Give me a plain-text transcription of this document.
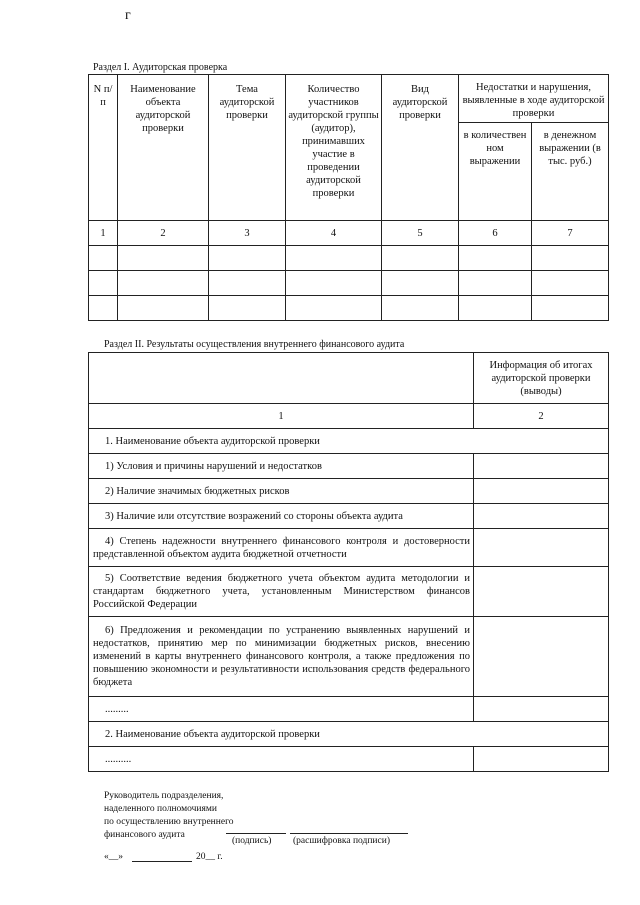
г
Раздел I. Аудиторская проверка
N п/п	Наименование объекта аудиторской проверки	Тема аудиторской проверки	Количество участников аудиторской группы (аудитор), принимавших участие в проведении аудиторской проверки	Вид аудиторской проверки	Недостатки и нарушения, выявленные в ходе аудиторской проверки	
					в количествен ном выражении	в денежном выражении (в тыс. руб.)
1	2	3	4	5	6	7

Раздел II. Результаты осуществления внутреннего финансового аудита
	Информация об итогах аудиторской проверки (выводы)
1	2
1. Наименование объекта аудиторской проверки	
1) Условия и причины нарушений и недостатков	
2) Наличие значимых бюджетных рисков	
3) Наличие или отсутствие возражений со стороны объекта аудита	
4) Степень надежности внутреннего финансового контроля и достоверности представленной объектом аудита бюджетной отчетности	
5) Соответствие ведения бюджетного учета объектом аудита методологии и стандартам бюджетного учета, установленным Министерством финансов Российской Федерации	
6) Предложения и рекомендации по устранению выявленных нарушений и недостатков, принятию мер по минимизации бюджетных рисков, внесению изменений в карты внутреннего финансового контроля, а также предложения по повышению экономности и результативности использования средств федерального бюджета	
.........	
2. Наименование объекта аудиторской проверки	
..........	
Руководитель подразделения,
наделенного полномочиями
по осуществлению внутреннего
финансового аудита
(подпись) (расшифровка подписи)
«__»	20__ г.
